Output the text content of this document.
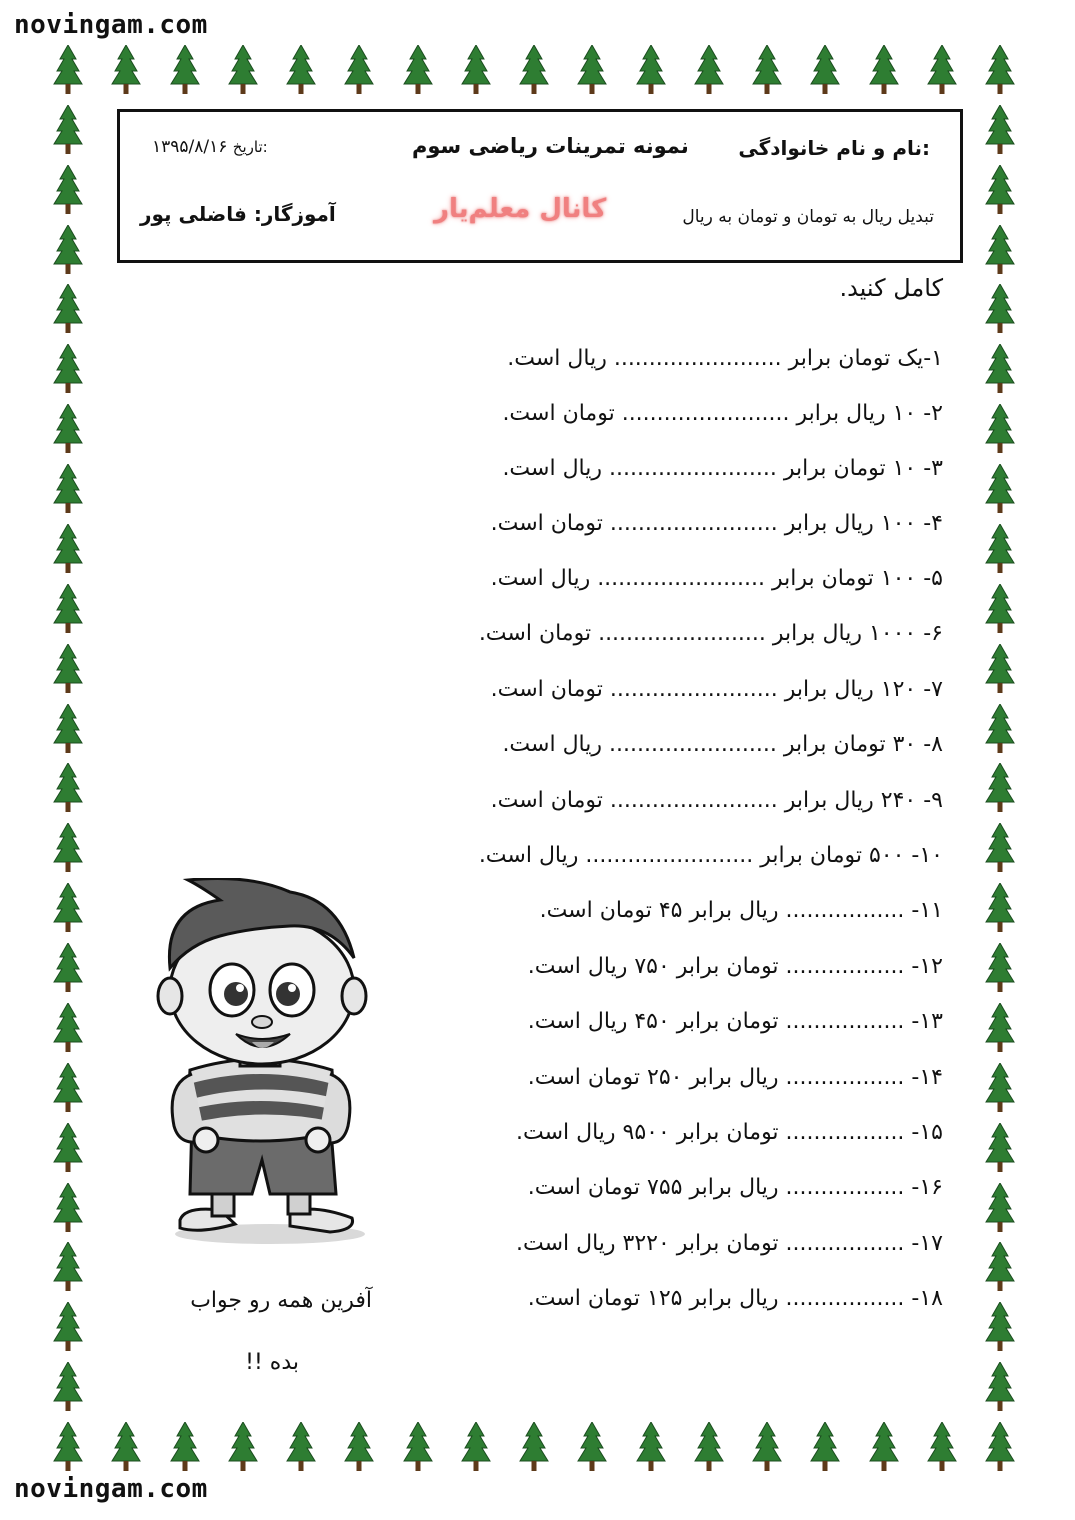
novingam.com
novingam.com
نام و نام خانوادگی:
نمونه تمرینات ریاضی سوم
۱۳۹۵/۸/۱۶ تاریخ:
تبدیل ریال به تومان و تومان به ریال
کانال معلم‌یار
آموزگار: فاضلی پور
کامل کنید.
۱-یک تومان برابر ........................ ریال است.
۲- ۱۰ ریال برابر ........................ تومان است.
۳- ۱۰ تومان برابر ........................ ریال است.
۴- ۱۰۰ ریال برابر ........................ تومان است.
۵- ۱۰۰ تومان برابر ........................ ریال است.
۶- ۱۰۰۰ ریال برابر ........................ تومان است.
۷- ۱۲۰ ریال برابر ........................ تومان است.
۸- ۳۰ تومان برابر ........................ ریال است.
۹- ۲۴۰ ریال برابر ........................ تومان است.
۱۰- ۵۰۰ تومان برابر ........................ ریال است.
۱۱- ................. ریال برابر ۴۵ تومان است.
۱۲- ................. تومان برابر ۷۵۰ ریال است.
۱۳- ................. تومان برابر ۴۵۰ ریال است.
۱۴- ................. ریال برابر ۲۵۰ تومان است.
۱۵- ................. تومان برابر ۹۵۰۰ ریال است.
۱۶- ................. ریال برابر ۷۵۵ تومان است.
۱۷- ................. تومان برابر ۳۲۲۰ ریال است.
۱۸- ................. ریال برابر ۱۲۵ تومان است.
آفرین همه رو جواب
بده !!
